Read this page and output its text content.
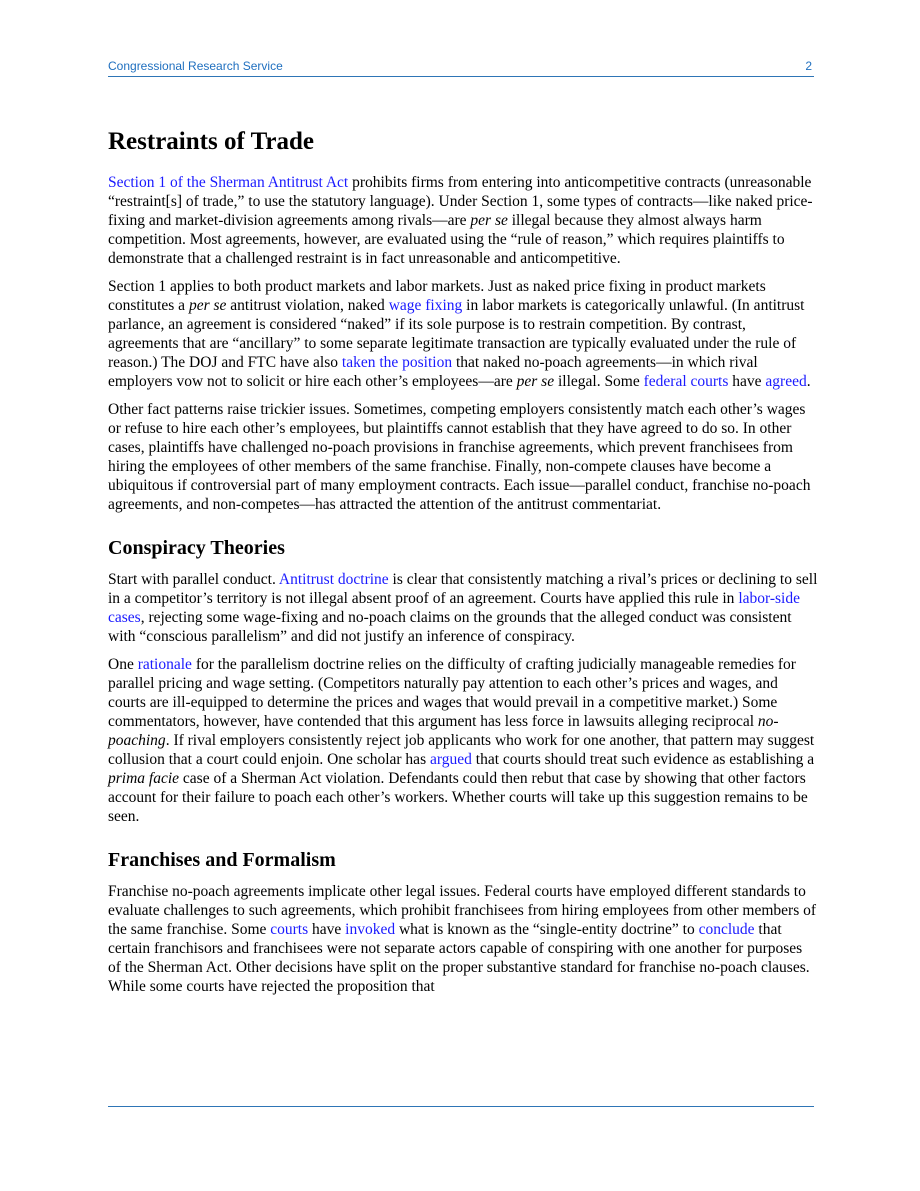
Congressional Research Service	2
Restraints of Trade

Section 1 of the Sherman Antitrust Act prohibits firms from entering into anticompetitive contracts (unreasonable “restraint[s] of trade,” to use the statutory language). Under Section 1, some types of contracts—like naked price-fixing and market-division agreements among rivals—are per se illegal because they almost always harm competition. Most agreements, however, are evaluated using the “rule of reason,” which requires plaintiffs to demonstrate that a challenged restraint is in fact unreasonable and anticompetitive.

Section 1 applies to both product markets and labor markets. Just as naked price fixing in product markets constitutes a per se antitrust violation, naked wage fixing in labor markets is categorically unlawful. (In antitrust parlance, an agreement is considered “naked” if its sole purpose is to restrain competition. By contrast, agreements that are “ancillary” to some separate legitimate transaction are typically evaluated under the rule of reason.) The DOJ and FTC have also taken the position that naked no-poach agreements—in which rival employers vow not to solicit or hire each other’s employees—are per se illegal. Some federal courts have agreed.

Other fact patterns raise trickier issues. Sometimes, competing employers consistently match each other’s wages or refuse to hire each other’s employees, but plaintiffs cannot establish that they have agreed to do so. In other cases, plaintiffs have challenged no-poach provisions in franchise agreements, which prevent franchisees from hiring the employees of other members of the same franchise. Finally, non-compete clauses have become a ubiquitous if controversial part of many employment contracts. Each issue—parallel conduct, franchise no-poach agreements, and non-competes—has attracted the attention of the antitrust commentariat.

Conspiracy Theories

Start with parallel conduct. Antitrust doctrine is clear that consistently matching a rival’s prices or declining to sell in a competitor’s territory is not illegal absent proof of an agreement. Courts have applied this rule in labor-side cases, rejecting some wage-fixing and no-poach claims on the grounds that the alleged conduct was consistent with “conscious parallelism” and did not justify an inference of conspiracy.

One rationale for the parallelism doctrine relies on the difficulty of crafting judicially manageable remedies for parallel pricing and wage setting. (Competitors naturally pay attention to each other’s prices and wages, and courts are ill-equipped to determine the prices and wages that would prevail in a competitive market.) Some commentators, however, have contended that this argument has less force in lawsuits alleging reciprocal no-poaching. If rival employers consistently reject job applicants who work for one another, that pattern may suggest collusion that a court could enjoin. One scholar has argued that courts should treat such evidence as establishing a prima facie case of a Sherman Act violation. Defendants could then rebut that case by showing that other factors account for their failure to poach each other’s workers. Whether courts will take up this suggestion remains to be seen.

Franchises and Formalism

Franchise no-poach agreements implicate other legal issues. Federal courts have employed different standards to evaluate challenges to such agreements, which prohibit franchisees from hiring employees from other members of the same franchise. Some courts have invoked what is known as the “single-entity doctrine” to conclude that certain franchisors and franchisees were not separate actors capable of conspiring with one another for purposes of the Sherman Act. Other decisions have split on the proper substantive standard for franchise no-poach clauses. While some courts have rejected the proposition that
